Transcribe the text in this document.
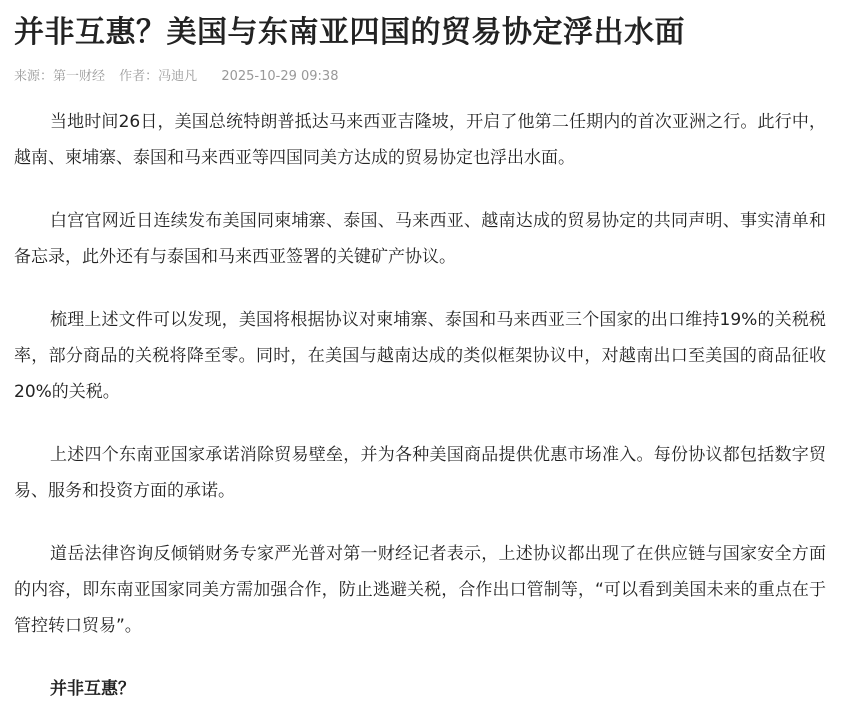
并非互惠？美国与东南亚四国的贸易协定浮出水面
来源：第一财经 作者：冯迪凡 2025-10-29 09:38

当地时间26日，美国总统特朗普抵达马来西亚吉隆坡，开启了他第二任期内的首次亚洲之行。此行中，越南、柬埔寨、泰国和马来西亚等四国同美方达成的贸易协定也浮出水面。

白宫官网近日连续发布美国同柬埔寨、泰国、马来西亚、越南达成的贸易协定的共同声明、事实清单和备忘录，此外还有与泰国和马来西亚签署的关键矿产协议。

梳理上述文件可以发现，美国将根据协议对柬埔寨、泰国和马来西亚三个国家的出口维持19%的关税税率，部分商品的关税将降至零。同时，在美国与越南达成的类似框架协议中，对越南出口至美国的商品征收20%的关税。

上述四个东南亚国家承诺消除贸易壁垒，并为各种美国商品提供优惠市场准入。每份协议都包括数字贸易、服务和投资方面的承诺。

道岳法律咨询反倾销财务专家严光普对第一财经记者表示，上述协议都出现了在供应链与国家安全方面的内容，即东南亚国家同美方需加强合作，防止逃避关税，合作出口管制等，“可以看到美国未来的重点在于管控转口贸易”。

并非互惠？
